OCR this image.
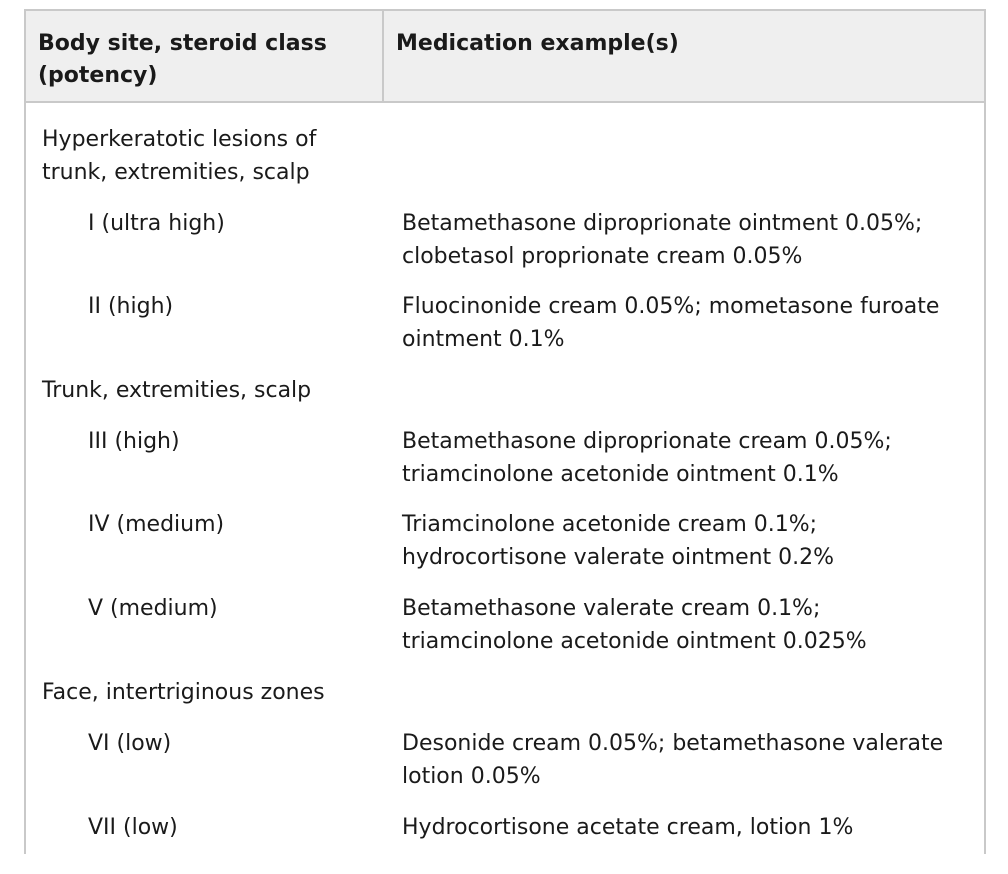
Body site, steroid class (potency)
Medication example(s)
Hyperkeratotic lesions of trunk, extremities, scalp
I (ultra high)	Betamethasone diproprionate ointment 0.05%; clobetasol proprionate cream 0.05%
II (high)	Fluocinonide cream 0.05%; mometasone furoate ointment 0.1%
Trunk, extremities, scalp
III (high)	Betamethasone diproprionate cream 0.05%; triamcinolone acetonide ointment 0.1%
IV (medium)	Triamcinolone acetonide cream 0.1%; hydrocortisone valerate ointment 0.2%
V (medium)	Betamethasone valerate cream 0.1%; triamcinolone acetonide ointment 0.025%
Face, intertriginous zones
VI (low)	Desonide cream 0.05%; betamethasone valerate lotion 0.05%
VII (low)	Hydrocortisone acetate cream, lotion 1%
